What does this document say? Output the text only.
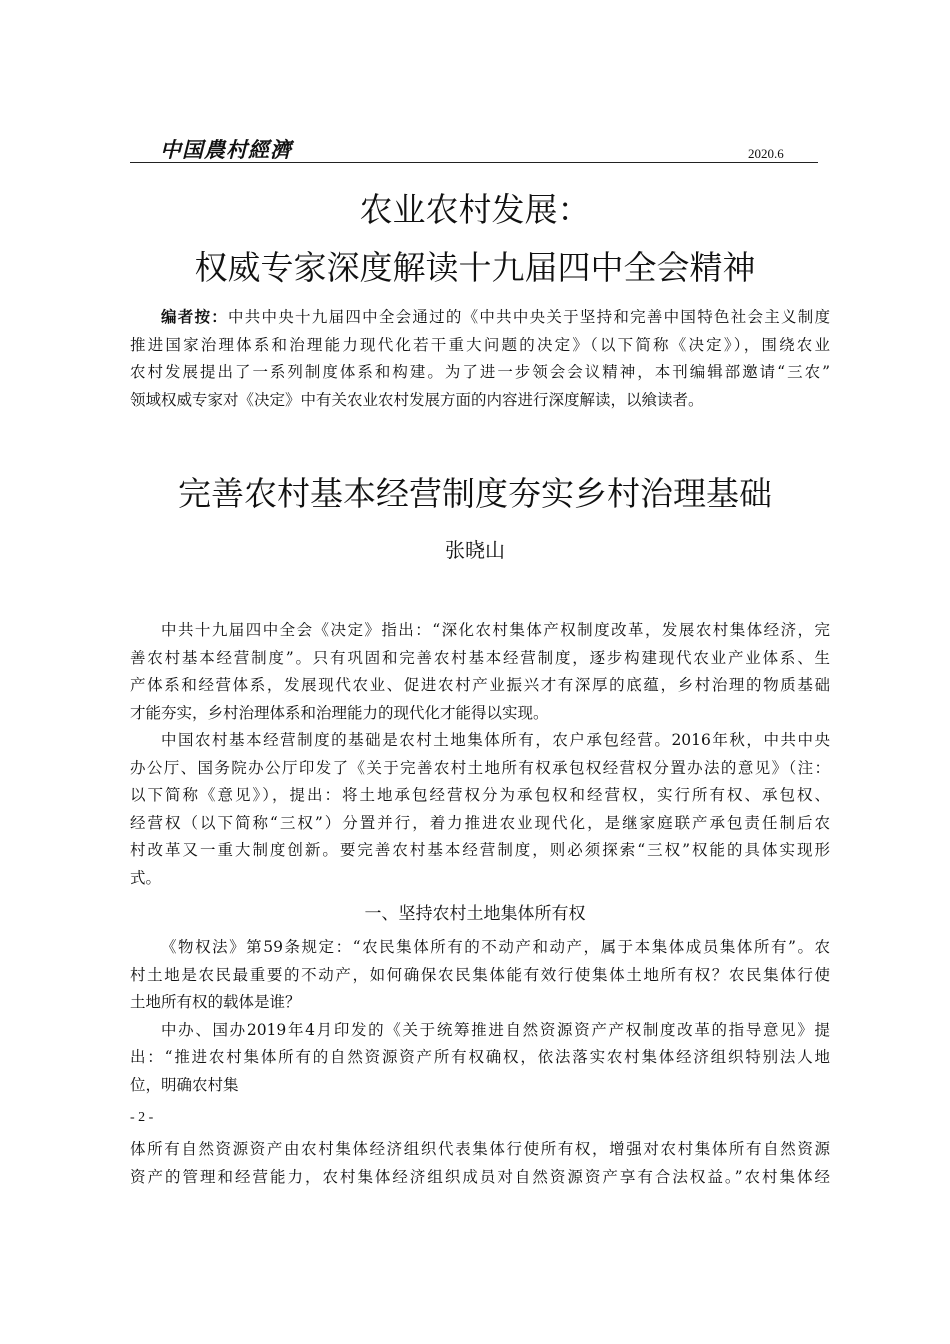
中国農村經濟	2020.6
农业农村发展：
权威专家深度解读十九届四中全会精神
编者按：中共中央十九届四中全会通过的《中共中央关于坚持和完善中国特色社会主义制度
推进国家治理体系和治理能力现代化若干重大问题的决定》（以下简称《决定》），围绕农业
农村发展提出了一系列制度体系和构建。为了进一步领会会议精神，本刊编辑部邀请“三农”
领域权威专家对《决定》中有关农业农村发展方面的内容进行深度解读，以飨读者。
完善农村基本经营制度夯实乡村治理基础
张晓山
中共十九届四中全会《决定》指出：“深化农村集体产权制度改革，发展农村集体经济，完
善农村基本经营制度”。只有巩固和完善农村基本经营制度，逐步构建现代农业产业体系、生
产体系和经营体系，发展现代农业、促进农村产业振兴才有深厚的底蕴，乡村治理的物质基础
才能夯实，乡村治理体系和治理能力的现代化才能得以实现。
中国农村基本经营制度的基础是农村土地集体所有，农户承包经营。2016年秋，中共中央
办公厅、国务院办公厅印发了《关于完善农村土地所有权承包权经营权分置办法的意见》（注：
以下简称《意见》），提出：将土地承包经营权分为承包权和经营权，实行所有权、承包权、
经营权（以下简称“三权”）分置并行，着力推进农业现代化，是继家庭联产承包责任制后农
村改革又一重大制度创新。要完善农村基本经营制度，则必须探索“三权”权能的具体实现形
式。
一、坚持农村土地集体所有权
《物权法》第59条规定：“农民集体所有的不动产和动产，属于本集体成员集体所有”。农
村土地是农民最重要的不动产，如何确保农民集体能有效行使集体土地所有权？农民集体行使
土地所有权的载体是谁？
中办、国办2019年4月印发的《关于统筹推进自然资源资产产权制度改革的指导意见》提
出：“推进农村集体所有的自然资源资产所有权确权，依法落实农村集体经济组织特别法人地
位，明确农村集
- 2 -
体所有自然资源资产由农村集体经济组织代表集体行使所有权，增强对农村集体所有自然资源
资产的管理和经营能力，农村集体经济组织成员对自然资源资产享有合法权益。”农村集体经
